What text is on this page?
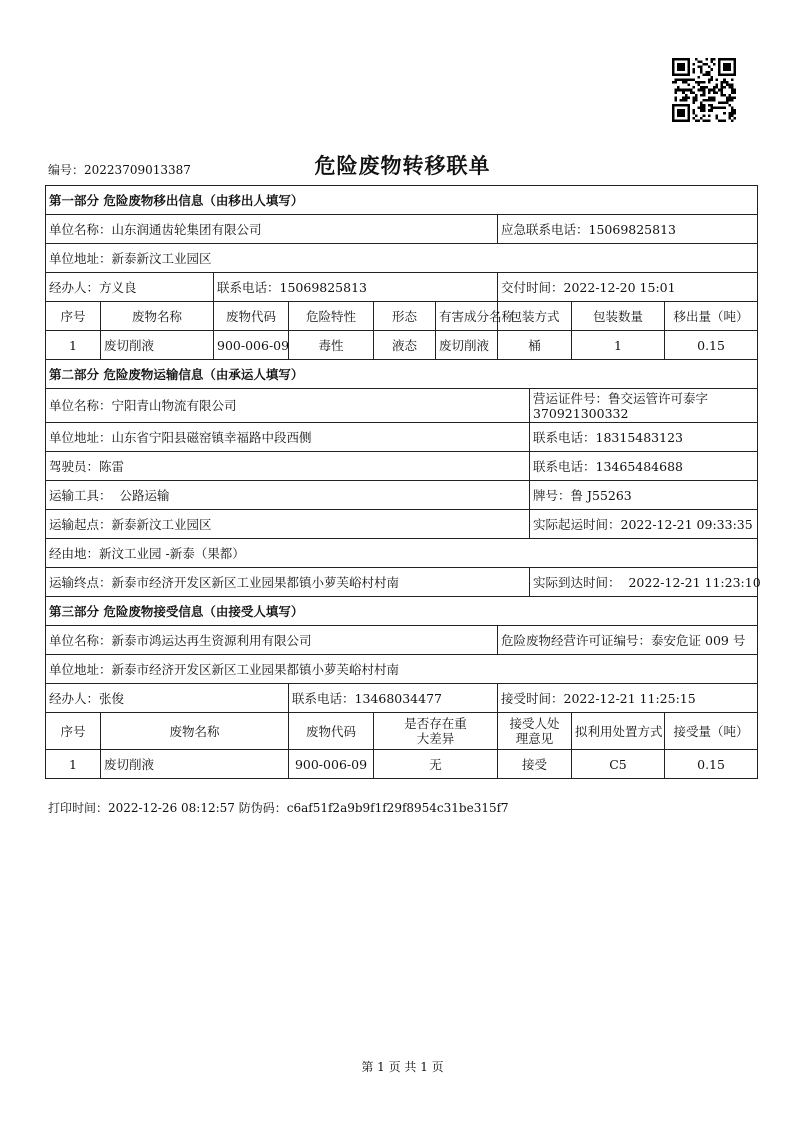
编号：20223709013387	危险废物转移联单
第一部分 危险废物移出信息（由移出人填写）									
单位名称：山东润通齿轮集团有限公司						应急联系电话：15069825813			
单位地址：新泰新汶工业园区									
经办人：方义良		联系电话：15069825813				交付时间：2022-12-20 15:01			
序号	废物名称	废物代码	危险特性	形态	有害成分名称	包装方式		包装数量	移出量（吨）
1	废切削液	900-006-09	毒性	液态	废切削液	桶		1	0.15
第二部分 危险废物运输信息（由承运人填写）									
单位名称：宁阳青山物流有限公司							营运证件号：鲁交运管许可泰字370921300332		
单位地址：山东省宁阳县磁窑镇幸福路中段西侧							联系电话：18315483123		
驾驶员：陈雷							联系电话：13465484688		
运输工具： 公路运输							牌号：鲁 J55263		
运输起点：新泰新汶工业园区							实际起运时间：2022-12-21 09:33:35		
经由地：新汶工业园 -新泰（果都）									
运输终点：新泰市经济开发区新区工业园果都镇小萝芙峪村村南							实际到达时间： 2022-12-21 11:23:10		
第三部分 危险废物接受信息（由接受人填写）									
单位名称：新泰市鸿运达再生资源利用有限公司						危险废物经营许可证编号：泰安危证 009 号			
单位地址：新泰市经济开发区新区工业园果都镇小萝芙峪村村南									
经办人：张俊			联系电话：13468034477			接受时间：2022-12-21 11:25:15			
序号	废物名称		废物代码	是否存在重大差异		接受人处理意见		拟利用处置方式	接受量（吨）
1	废切削液		900-006-09	无		接受		C5	0.15
打印时间：2022-12-26 08:12:57 防伪码：c6af51f2a9b9f1f29f8954c31be315f7
第 1 页 共 1 页
